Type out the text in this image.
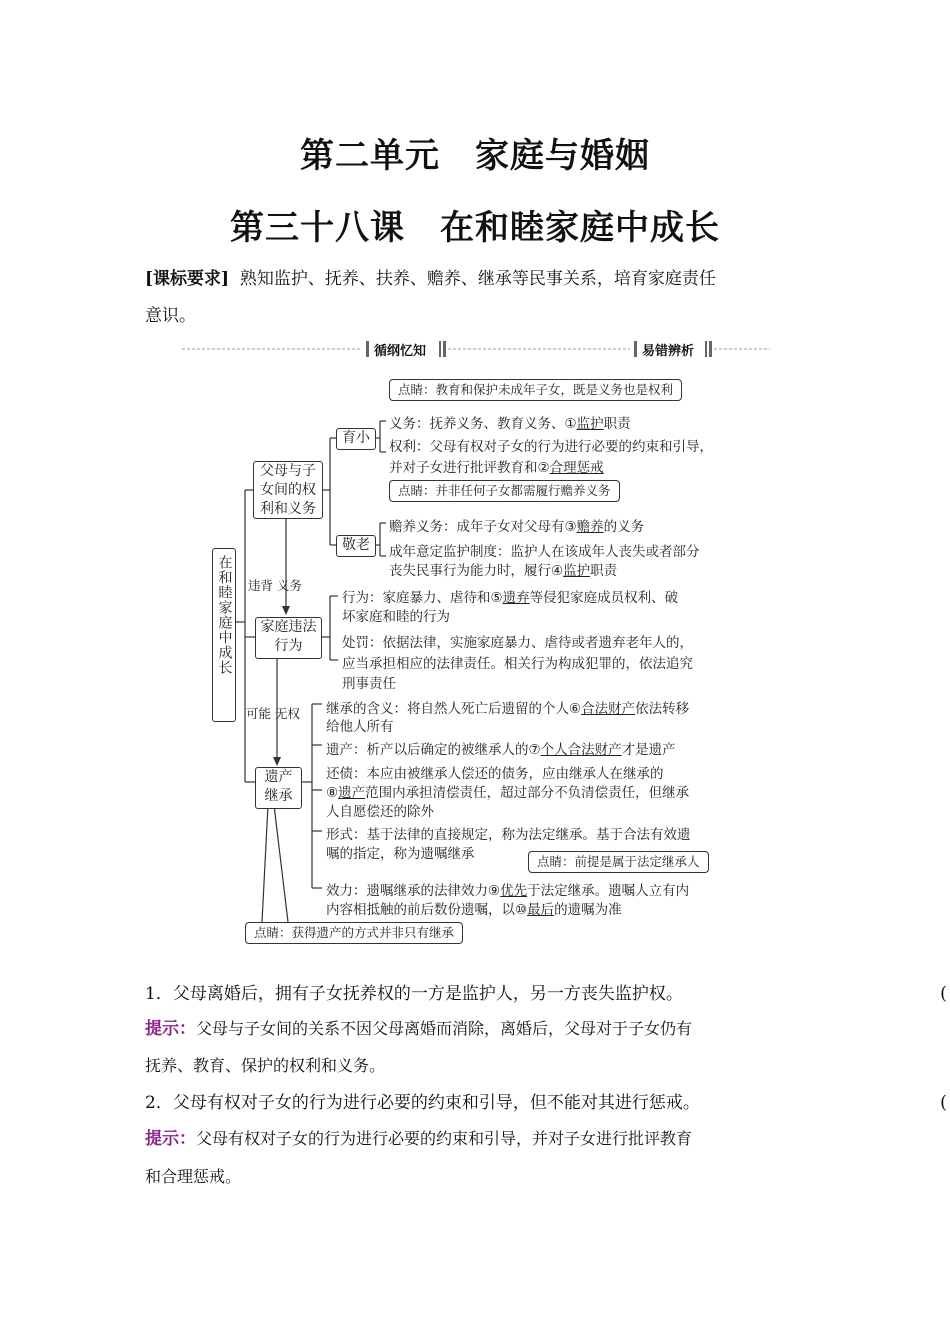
第二单元　家庭与婚姻
第三十八课　在和睦家庭中成长
[课标要求] 熟知监护、抚养、扶养、赡养、继承等民事关系，培育家庭责任
意识。
循纲忆知	易错辨析
在和睦家庭中成长
父母与子
女间的权
利和义务
育小
敬老
家庭违法
行为
遗产
继承
违背 义务
可能 无权
点睛：教育和保护未成年子女，既是义务也是权利
点睛：并非任何子女都需履行赡养义务
点睛：前提是属于法定继承人
点睛：获得遗产的方式并非只有继承
义务：抚养义务、教育义务、①监护职责
权利：父母有权对子女的行为进行必要的约束和引导，
并对子女进行批评教育和②合理惩戒
赡养义务：成年子女对父母有③赡养的义务
成年意定监护制度：监护人在该成年人丧失或者部分
丧失民事行为能力时，履行④监护职责
行为：家庭暴力、虐待和⑤遗弃等侵犯家庭成员权利、破
坏家庭和睦的行为
处罚：依据法律，实施家庭暴力、虐待或者遗弃老年人的，
应当承担相应的法律责任。相关行为构成犯罪的，依法追究
刑事责任
继承的含义：将自然人死亡后遗留的个人⑥合法财产依法转移
给他人所有
遗产：析产以后确定的被继承人的⑦个人合法财产才是遗产
还债：本应由被继承人偿还的债务，应由继承人在继承的
⑧遗产范围内承担清偿责任，超过部分不负清偿责任，但继承
人自愿偿还的除外
形式：基于法律的直接规定，称为法定继承。基于合法有效遗
嘱的指定，称为遗嘱继承
效力：遗嘱继承的法律效力⑨优先于法定继承。遗嘱人立有内
内容相抵触的前后数份遗嘱，以⑩最后的遗嘱为准
1．父母离婚后，拥有子女抚养权的一方是监护人，另一方丧失监护权。	(
提示：父母与子女间的关系不因父母离婚而消除，离婚后，父母对于子女仍有
抚养、教育、保护的权利和义务。
2．父母有权对子女的行为进行必要的约束和引导，但不能对其进行惩戒。	(
提示：父母有权对子女的行为进行必要的约束和引导，并对子女进行批评教育
和合理惩戒。
